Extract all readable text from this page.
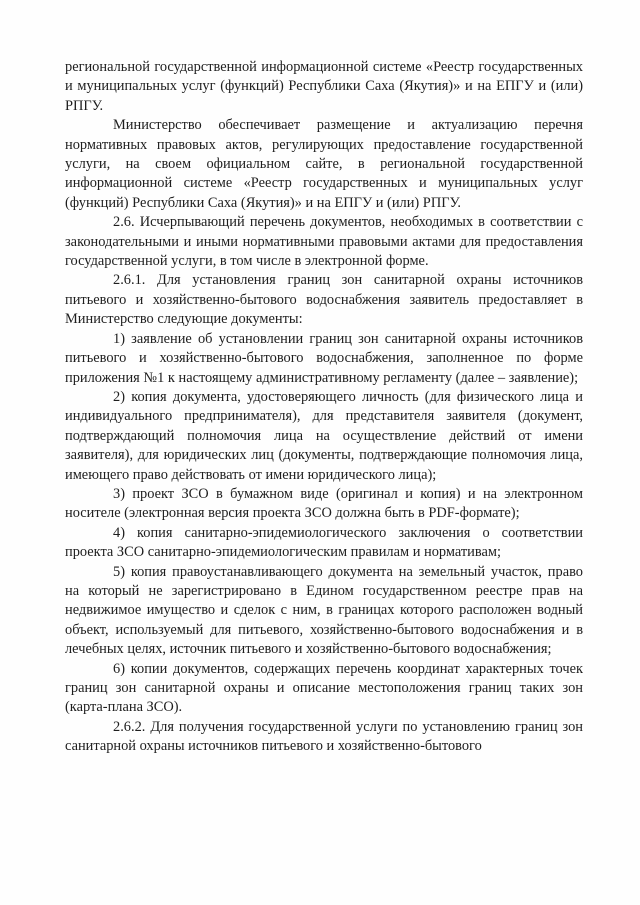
региональной государственной информационной системе «Реестр государственных и муниципальных услуг (функций) Республики Саха (Якутия)» и на ЕПГУ и (или) РПГУ.

Министерство обеспечивает размещение и актуализацию перечня нормативных правовых актов, регулирующих предоставление государственной услуги, на своем официальном сайте, в региональной государственной информационной системе «Реестр государственных и муниципальных услуг (функций) Республики Саха (Якутия)» и на ЕПГУ и (или) РПГУ.

2.6. Исчерпывающий перечень документов, необходимых в соответствии с законодательными и иными нормативными правовыми актами для предоставления государственной услуги, в том числе в электронной форме.

2.6.1. Для установления границ зон санитарной охраны источников питьевого и хозяйственно-бытового водоснабжения заявитель предоставляет в Министерство следующие документы:

1) заявление об установлении границ зон санитарной охраны источников питьевого и хозяйственно-бытового водоснабжения, заполненное по форме приложения №1 к настоящему административному регламенту (далее – заявление);

2) копия документа, удостоверяющего личность (для физического лица и индивидуального предпринимателя), для представителя заявителя (документ, подтверждающий полномочия лица на осуществление действий от имени заявителя), для юридических лиц (документы, подтверждающие полномочия лица, имеющего право действовать от имени юридического лица);

3) проект ЗСО в бумажном виде (оригинал и копия) и на электронном носителе (электронная версия проекта ЗСО должна быть в PDF-формате);

4) копия санитарно-эпидемиологического заключения о соответствии проекта ЗСО санитарно-эпидемиологическим правилам и нормативам;

5) копия правоустанавливающего документа на земельный участок, право на который не зарегистрировано в Едином государственном реестре прав на недвижимое имущество и сделок с ним, в границах которого расположен водный объект, используемый для питьевого, хозяйственно-бытового водоснабжения и в лечебных целях, источник питьевого и хозяйственно-бытового водоснабжения;

6) копии документов, содержащих перечень координат характерных точек границ зон санитарной охраны и описание местоположения границ таких зон (карта-плана ЗСО).

2.6.2. Для получения государственной услуги по установлению границ зон санитарной охраны источников питьевого и хозяйственно-бытового
